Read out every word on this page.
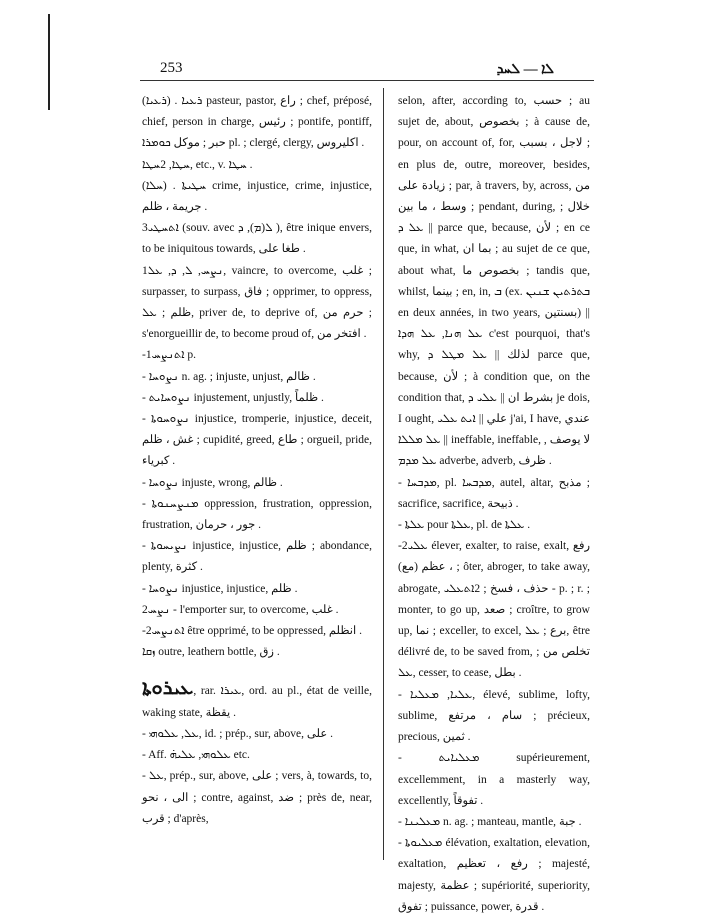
253	ܠܐ — ܠܚܕ

(ܪܥܝܐ) . ܪܥܝܐ pasteur, pastor, راع ; chef, préposé, chief, person in charge, رئيس ; pontife, pontiff, حبر ; موكل ܟܘܡܪܐ pl. ; clergé, clergy, اكليروس .

ܚܛܐ, 2ܚܛܐ, etc., v. ܚܛܐ .

(ܚܠܐ) . ܚܛܝܬܐ crime, injustice, crime, injustice, جريمة ، ظلم .

3ܐܬܚܛܝ (souv. avec ܠ(ܡ), ܕ ), être inique envers, to be iniquitous towards, طغا على .

1ܢܨܚ, ܠ, ܕ, ܥܠ, vaincre, to overcome, غلب ; surpasser, to surpass, فاق ; opprimer, to oppress, ظلم ; ܥܠ, priver de, to deprive of, حرم من ; s'enorgueillir de, to become proud of, افتخر من .

-1ܐܬܢܨܚ p.

- ܢܨܘܚܐ n. ag. ; injuste, unjust, ظالم .

- ܢܨܘܚܐܝܬ injustement, unjustly, ظلماً .

- ܢܨܘܚܘܬܐ injustice, tromperie, injustice, deceit, غش ، ظلم ; cupidité, greed, طاع ; orgueil, pride, كبرياء .

- ܢܨܘܚܐ injuste, wrong, ظالم .

- ܡܢܨܚܢܘܬܐ oppression, frustration, oppression, frustration, جور ، حرمان .

- ܢܨܝܚܘܬܐ injustice, injustice, ظلم ; abondance, plenty, كثرة .

- ܢܨܘܚܐ injustice, injustice, ظلم .

2ܢܨܚ - l'emporter sur, to overcome, غلب .

-2ܐܬܢܨܚ être opprimé, to be oppressed, انظلم .

ܙܩܐ outre, leathern bottle, زق .

ܥܝܪܘܬܐ, rar. ܥܝܪܐ, ord. au pl., état de veille, waking state, يقظة .

- ܥܠ, ܥܠܘܗܝ, id. ; prép., sur, above, على .

- Aff. ܥܠܘܗܝ, ܥܠܝܗ̇ etc.

- ܥܠ, prép., sur, above, على ; vers, à, towards, to, الى ، نحو ; contre, against, ضد ; près de, near, قرب ; d'après,

selon, after, according to, حسب ; au sujet de, about, بخصوص ; à cause de, pour, on account of, for, لاجل ، بسبب ; en plus de, outre, moreover, besides, زيادة على ; par, à travers, by, across, من وسط ، ما بين ; pendant, during, خلال ; ܥܠ ܕ || parce que, because, لأن ; en ce que, in what, بما ان ; au sujet de ce que, about what, بخصوص ما ; tandis que, whilst, بينما ; en, in, ܒ (ex. ܒܬܪܬܝܢ ܫܢܝܢ en deux années, in two years, بسنتين) || ܥܠ ܗܢܐ, ܥܠ ܗܕܐ c'est pourquoi, that's why, لذلك || ܥܠ ܡܛܠ ܕ parce que, because, لأن ; à condition que, on the condition that, بشرط ان || ܥܠܝ ܕ je dois, I ought, علي || ܐܝܬ ܥܠܝ j'ai, I have, عندي || ܥܠ ܡܠܠܐ ineffable, ineffable, لا يوصف , ܥܠ ܡܕܡ adverbe, adverb, ظرف .

- ܡܕܒܚܐ, pl. ܡܕܒܚܐ, autel, altar, مذبح ; sacrifice, sacrifice, ذبيحة .

- ܥܠܬܐ pour ܥܠܬܐ, pl. de ܥܠܬܐ .

-2ܥܠܝ élever, exalter, to raise, exalt, رفع ، عظم (مع) ; ôter, abroger, to take away, abrogate, حذف ، فسخ ; 2ܐܬܥܠܝ - p. ; r. ; monter, to go up, صعد ; croître, to grow up, نما ; exceller, to excel, برع ; ܥܠ, être délivré de, to be saved from, تخلص من ; ܥܠ, cesser, to cease, بطل .

- ܥܠܝܐ, ܡܥܠܝܐ, élevé, sublime, lofty, sublime, سام ، مرتفع ; précieux, precious, ثمين .

- ܡܥܠܝܐܝܬ supérieurement, excellemment, in a masterly way, excellently, تفوقاً .

- ܡܥܠܝܢܐ n. ag. ; manteau, mantle, جبة .

- ܡܥܠܝܘܬܐ élévation, exaltation, elevation, exaltation, رفع ، تعظيم ; majesté, majesty, عظمة ; supériorité, superiority, تفوق ; puissance, power, قدرة .
